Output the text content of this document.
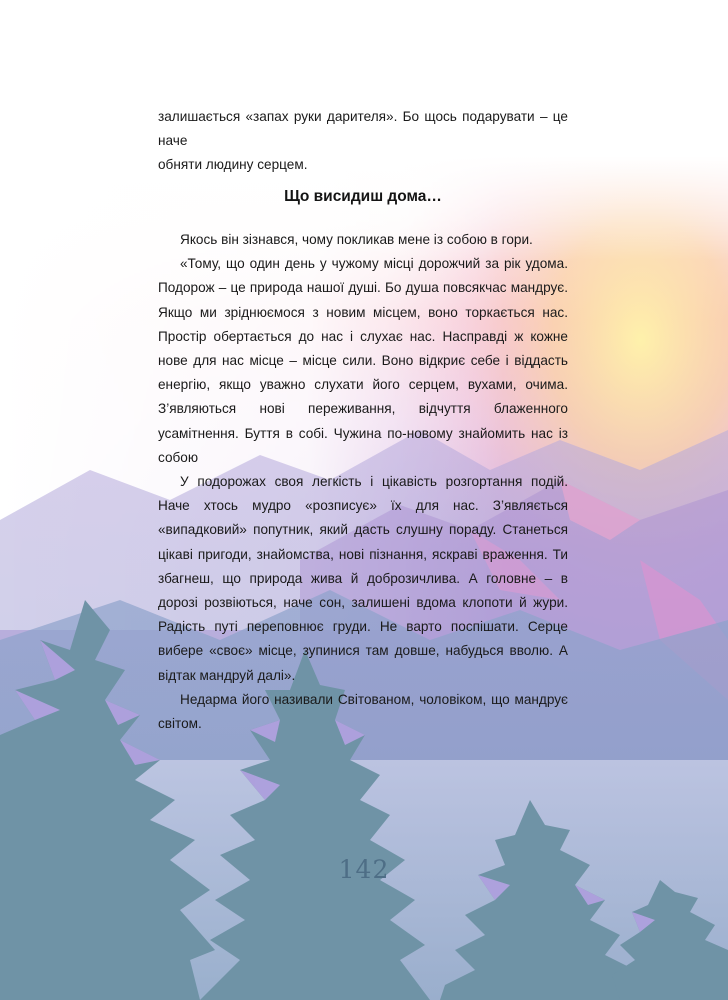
залишається «запах руки дарителя». Бо щось подарувати – це наче

обняти людину серцем.

Що висидиш дома…

Якось він зізнався, чому покликав мене із собою в гори.

«Тому, що один день у чужому місці дорожчий за рік удома. Подорож – це природа нашої душі. Бо душа повсякчас мандрує. Якщо ми зріднюємося з новим місцем, воно торкається нас. Простір обертається до нас і слухає нас. Насправді ж кожне нове для нас місце – місце сили. Воно відкриє себе і віддасть енергію, якщо уважно слухати його серцем, вухами, очима. З’являються нові переживання, відчуття блаженного усамітнення. Буття в собі. Чужина по-новому знайомить нас із собою

У подорожах своя легкість і цікавість розгортання подій. Наче хтось мудро «розписує» їх для нас. З’являється «випадковий» попутник, який дасть слушну пораду. Станеться цікаві пригоди, знайомства, нові пізнання, яскраві враження. Ти збагнеш, що природа жива й доброзичлива. А головне – в дорозі розвіються, наче сон, залишені вдома клопоти й жури. Радість путі переповнює груди. Не варто поспішати. Серце вибере «своє» місце, зупинися там довше, набудься вволю. А відтак мандруй далі».

Недарма його називали Світованом, чоловіком, що мандрує світом.

142
